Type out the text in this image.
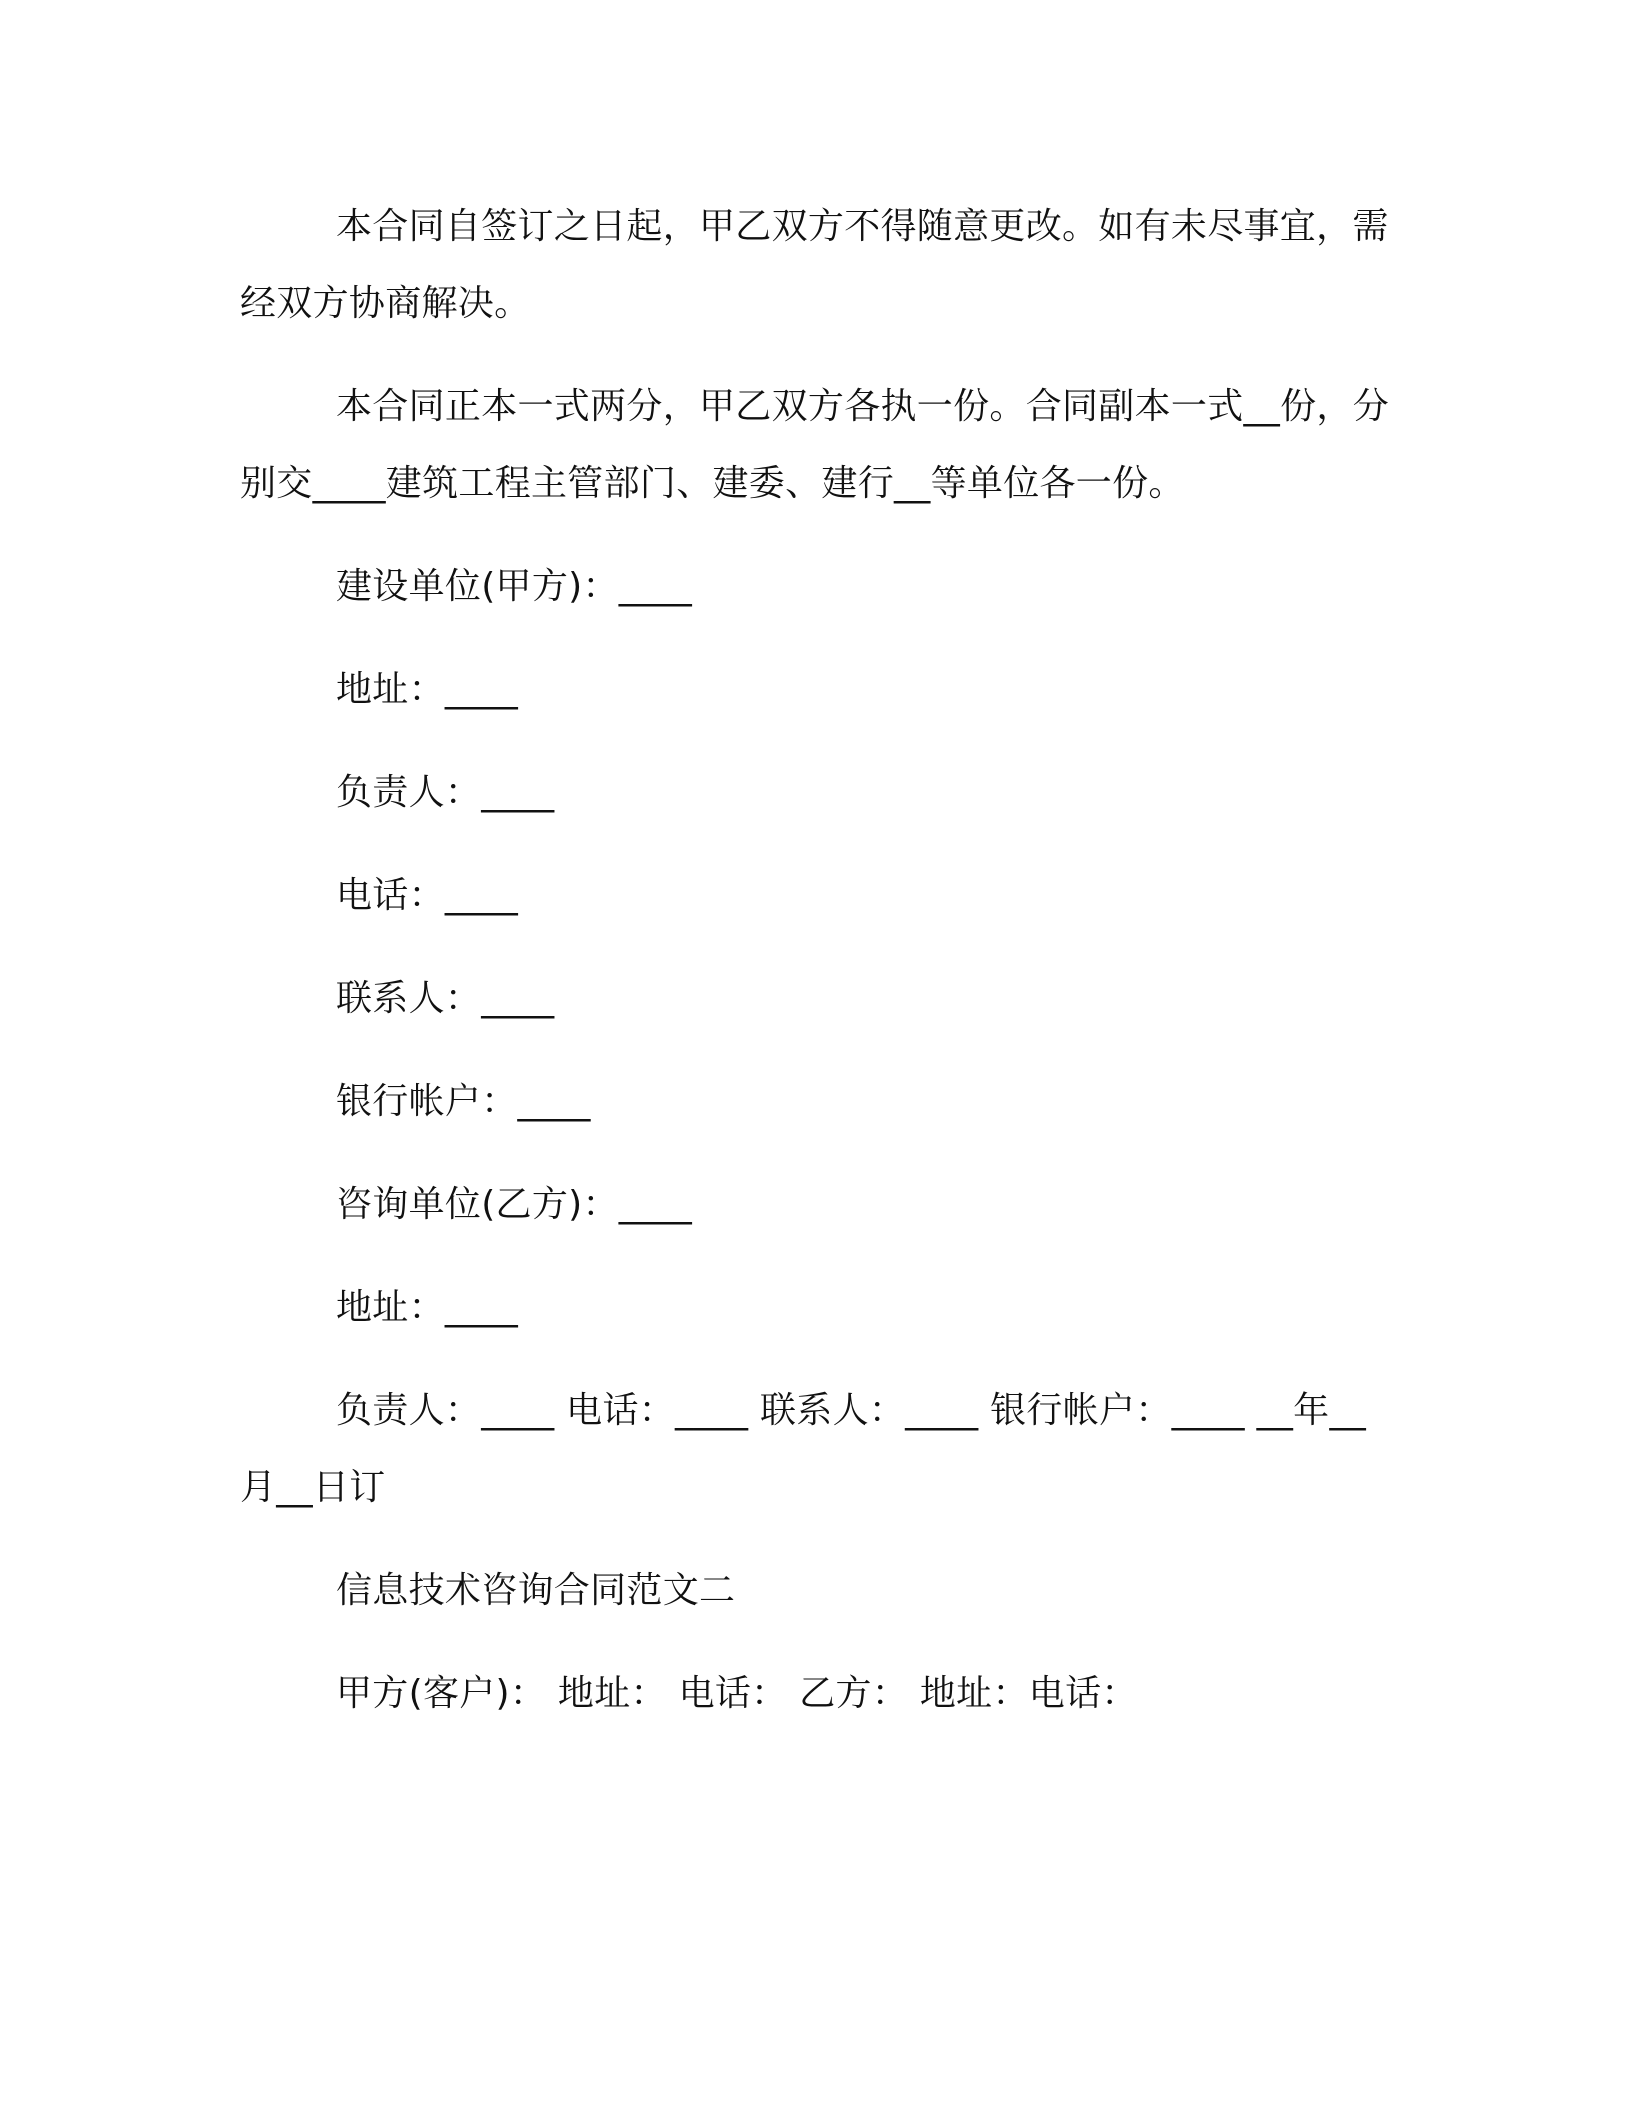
本合同自签订之日起，甲乙双方不得随意更改。如有未尽事宜，需经双方协商解决。

本合同正本一式两分，甲乙双方各执一份。合同副本一式__份，分别交____建筑工程主管部门、建委、建行__等单位各一份。

建设单位(甲方)：____

地址：____

负责人：____

电话：____

联系人：____

银行帐户：____

咨询单位(乙方)：____

地址：____

负责人：____ 电话：____ 联系人：____ 银行帐户：____ __年__月__日订

信息技术咨询合同范文二

甲方(客户)： 地址： 电话： 乙方： 地址：电话：
